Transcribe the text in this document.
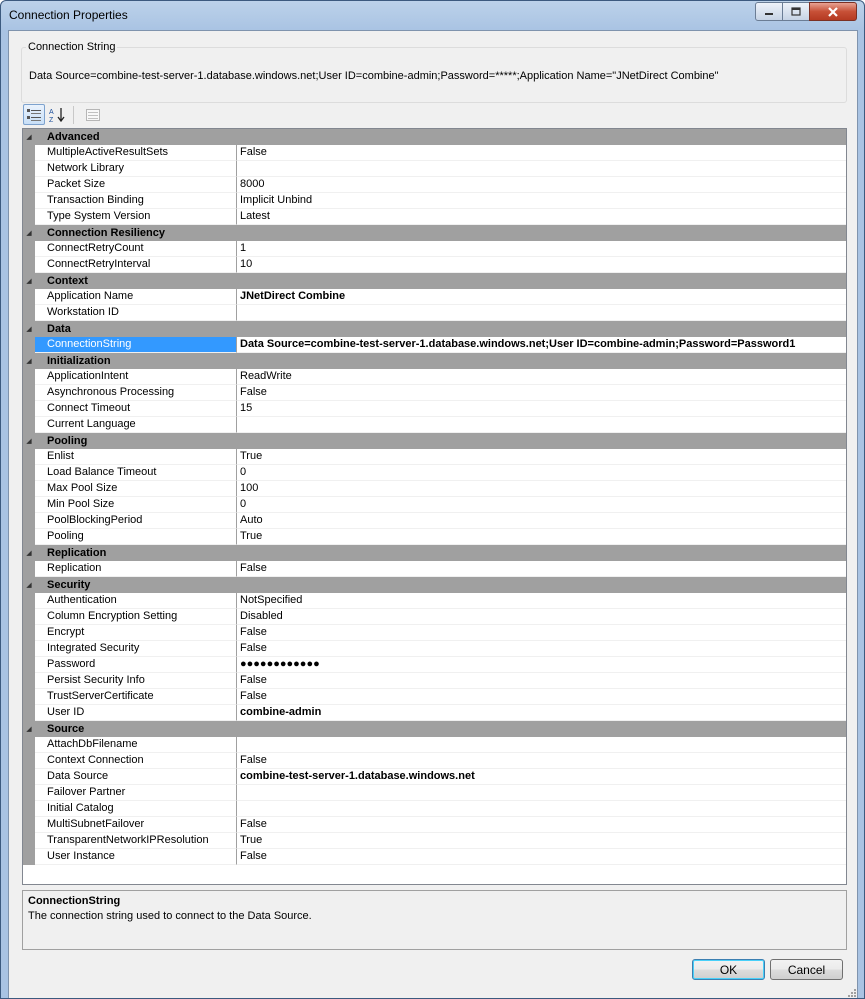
Connection Properties
Connection String
Data Source=combine-test-server-1.database.windows.net;User ID=combine-admin;Password=*****;Application Name="JNetDirect Combine"
A
Z
◢	Advanced
MultipleActiveResultSets	False
Network Library
Packet Size	8000
Transaction Binding	Implicit Unbind
Type System Version	Latest
◢	Connection Resiliency
ConnectRetryCount	1
ConnectRetryInterval	10
◢	Context
Application Name	JNetDirect Combine
Workstation ID
◢	Data
ConnectionString	Data Source=combine-test-server-1.database.windows.net;User ID=combine-admin;Password=Password1
◢	Initialization
ApplicationIntent	ReadWrite
Asynchronous Processing	False
Connect Timeout	15
Current Language
◢	Pooling
Enlist	True
Load Balance Timeout	0
Max Pool Size	100
Min Pool Size	0
PoolBlockingPeriod	Auto
Pooling	True
◢	Replication
Replication	False
◢	Security
Authentication	NotSpecified
Column Encryption Setting	Disabled
Encrypt	False
Integrated Security	False
Password	●●●●●●●●●●●●
Persist Security Info	False
TrustServerCertificate	False
User ID	combine-admin
◢	Source
AttachDbFilename
Context Connection	False
Data Source	combine-test-server-1.database.windows.net
Failover Partner
Initial Catalog
MultiSubnetFailover	False
TransparentNetworkIPResolution	True
User Instance	False
ConnectionString
The connection string used to connect to the Data Source.
OK	Cancel
